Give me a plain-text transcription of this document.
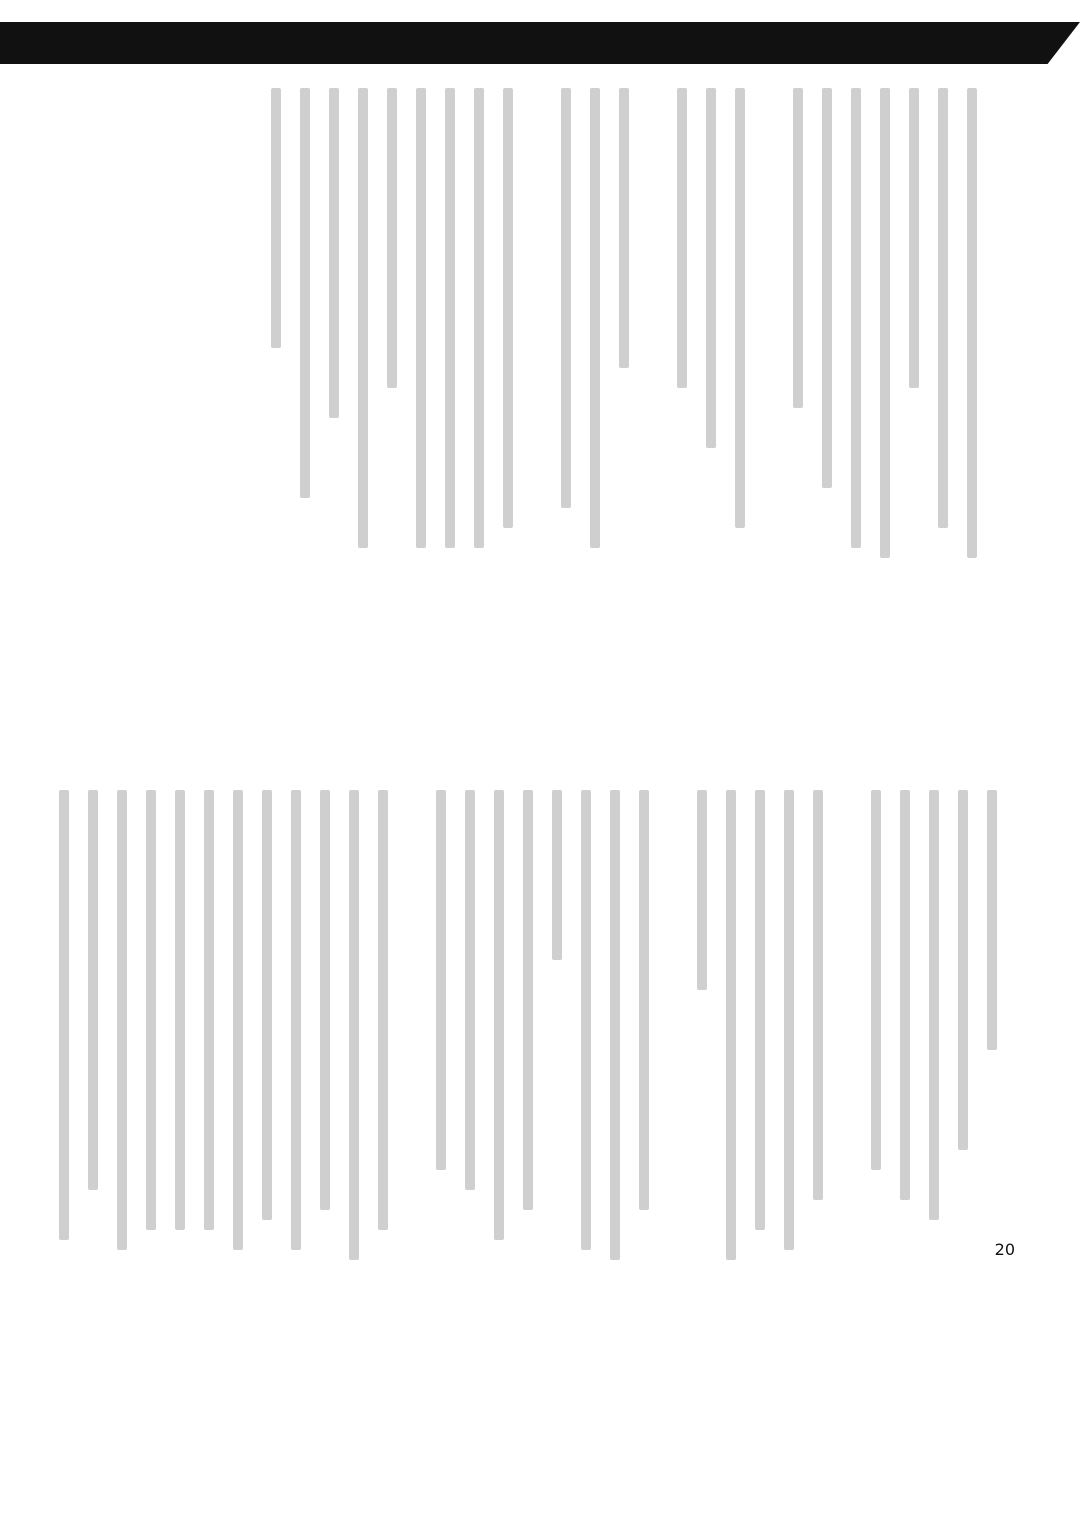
20
